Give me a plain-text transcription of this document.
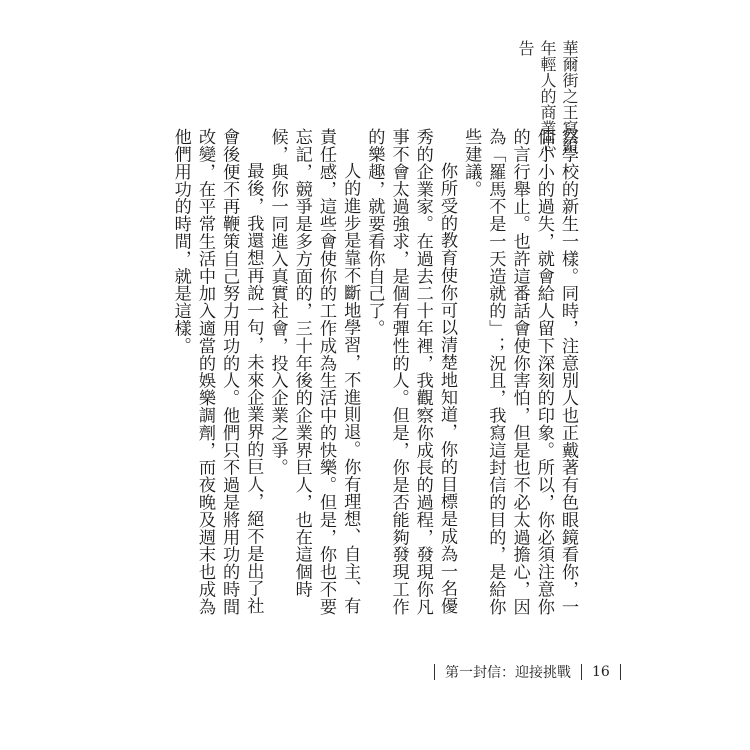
華爾街之王寫給
年輕人的商業忠告

察學校的新生一樣。同時，注意別人也正戴著有色眼鏡看你，一個小小的過失，就會給人留下深刻的印象。所以，你必須注意你的言行舉止。也許這番話會使你害怕，但是也不必太過擔心，因為「羅馬不是一天造就的」；況且，我寫這封信的目的，是給你些建議。

你所受的教育使你可以清楚地知道，你的目標是成為一名優秀的企業家。在過去二十年裡，我觀察你成長的過程，發現你凡事不會太過強求，是個有彈性的人。但是，你是否能夠發現工作的樂趣，就要看你自己了。

人的進步是靠不斷地學習，不進則退。你有理想、自主、有責任感，這些會使你的工作成為生活中的快樂。但是，你也不要忘記，競爭是多方面的，三十年後的企業界巨人，也在這個時候，與你一同進入真實社會，投入企業之爭。

最後，我還想再說一句，未來企業界的巨人，絕不是出了社會後便不再鞭策自己努力用功的人。他們只不過是將用功的時間改變，在平常生活中加入適當的娛樂調劑，而夜晚及週末也成為他們用功的時間，就是這樣。

第一封信：迎接挑戰	16
